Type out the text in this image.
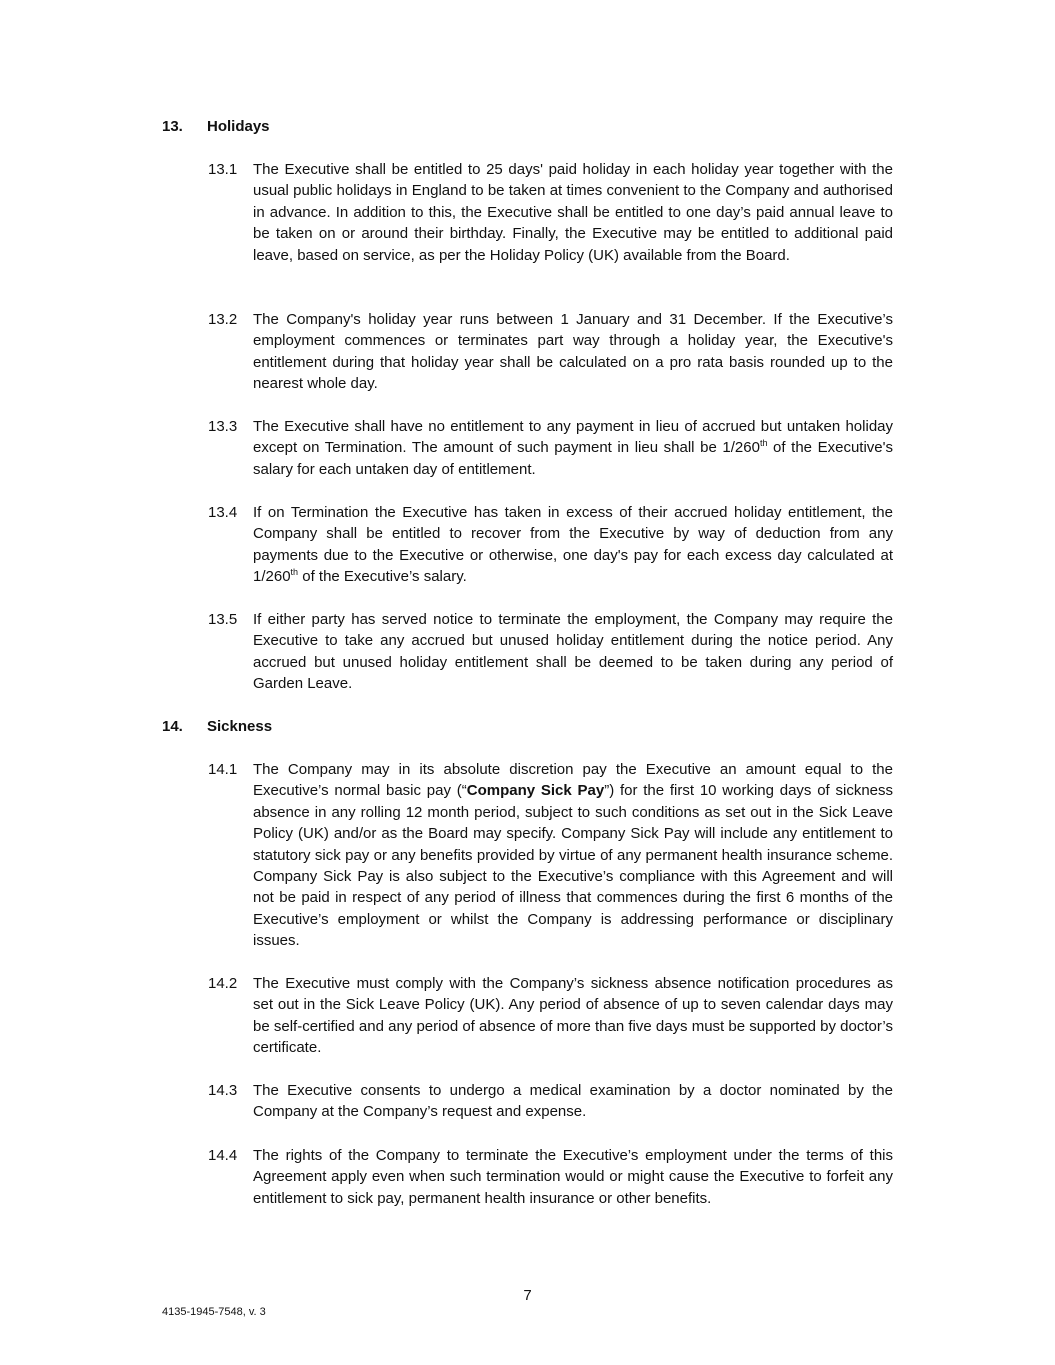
13. Holidays
13.1 The Executive shall be entitled to 25 days' paid holiday in each holiday year together with the usual public holidays in England to be taken at times convenient to the Company and authorised in advance. In addition to this, the Executive shall be entitled to one day’s paid annual leave to be taken on or around their birthday. Finally, the Executive may be entitled to additional paid leave, based on service, as per the Holiday Policy (UK) available from the Board.
13.2 The Company's holiday year runs between 1 January and 31 December. If the Executive’s employment commences or terminates part way through a holiday year, the Executive's entitlement during that holiday year shall be calculated on a pro rata basis rounded up to the nearest whole day.
13.3 The Executive shall have no entitlement to any payment in lieu of accrued but untaken holiday except on Termination. The amount of such payment in lieu shall be 1/260th of the Executive's salary for each untaken day of entitlement.
13.4 If on Termination the Executive has taken in excess of their accrued holiday entitlement, the Company shall be entitled to recover from the Executive by way of deduction from any payments due to the Executive or otherwise, one day's pay for each excess day calculated at 1/260th of the Executive’s salary.
13.5 If either party has served notice to terminate the employment, the Company may require the Executive to take any accrued but unused holiday entitlement during the notice period. Any accrued but unused holiday entitlement shall be deemed to be taken during any period of Garden Leave.
14. Sickness
14.1 The Company may in its absolute discretion pay the Executive an amount equal to the Executive’s normal basic pay (“Company Sick Pay”) for the first 10 working days of sickness absence in any rolling 12 month period, subject to such conditions as set out in the Sick Leave Policy (UK) and/or as the Board may specify. Company Sick Pay will include any entitlement to statutory sick pay or any benefits provided by virtue of any permanent health insurance scheme. Company Sick Pay is also subject to the Executive’s compliance with this Agreement and will not be paid in respect of any period of illness that commences during the first 6 months of the Executive’s employment or whilst the Company is addressing performance or disciplinary issues.
14.2 The Executive must comply with the Company’s sickness absence notification procedures as set out in the Sick Leave Policy (UK). Any period of absence of up to seven calendar days may be self-certified and any period of absence of more than five days must be supported by doctor’s certificate.
14.3 The Executive consents to undergo a medical examination by a doctor nominated by the Company at the Company’s request and expense.
14.4 The rights of the Company to terminate the Executive’s employment under the terms of this Agreement apply even when such termination would or might cause the Executive to forfeit any entitlement to sick pay, permanent health insurance or other benefits.
7
4135-1945-7548, v. 3
